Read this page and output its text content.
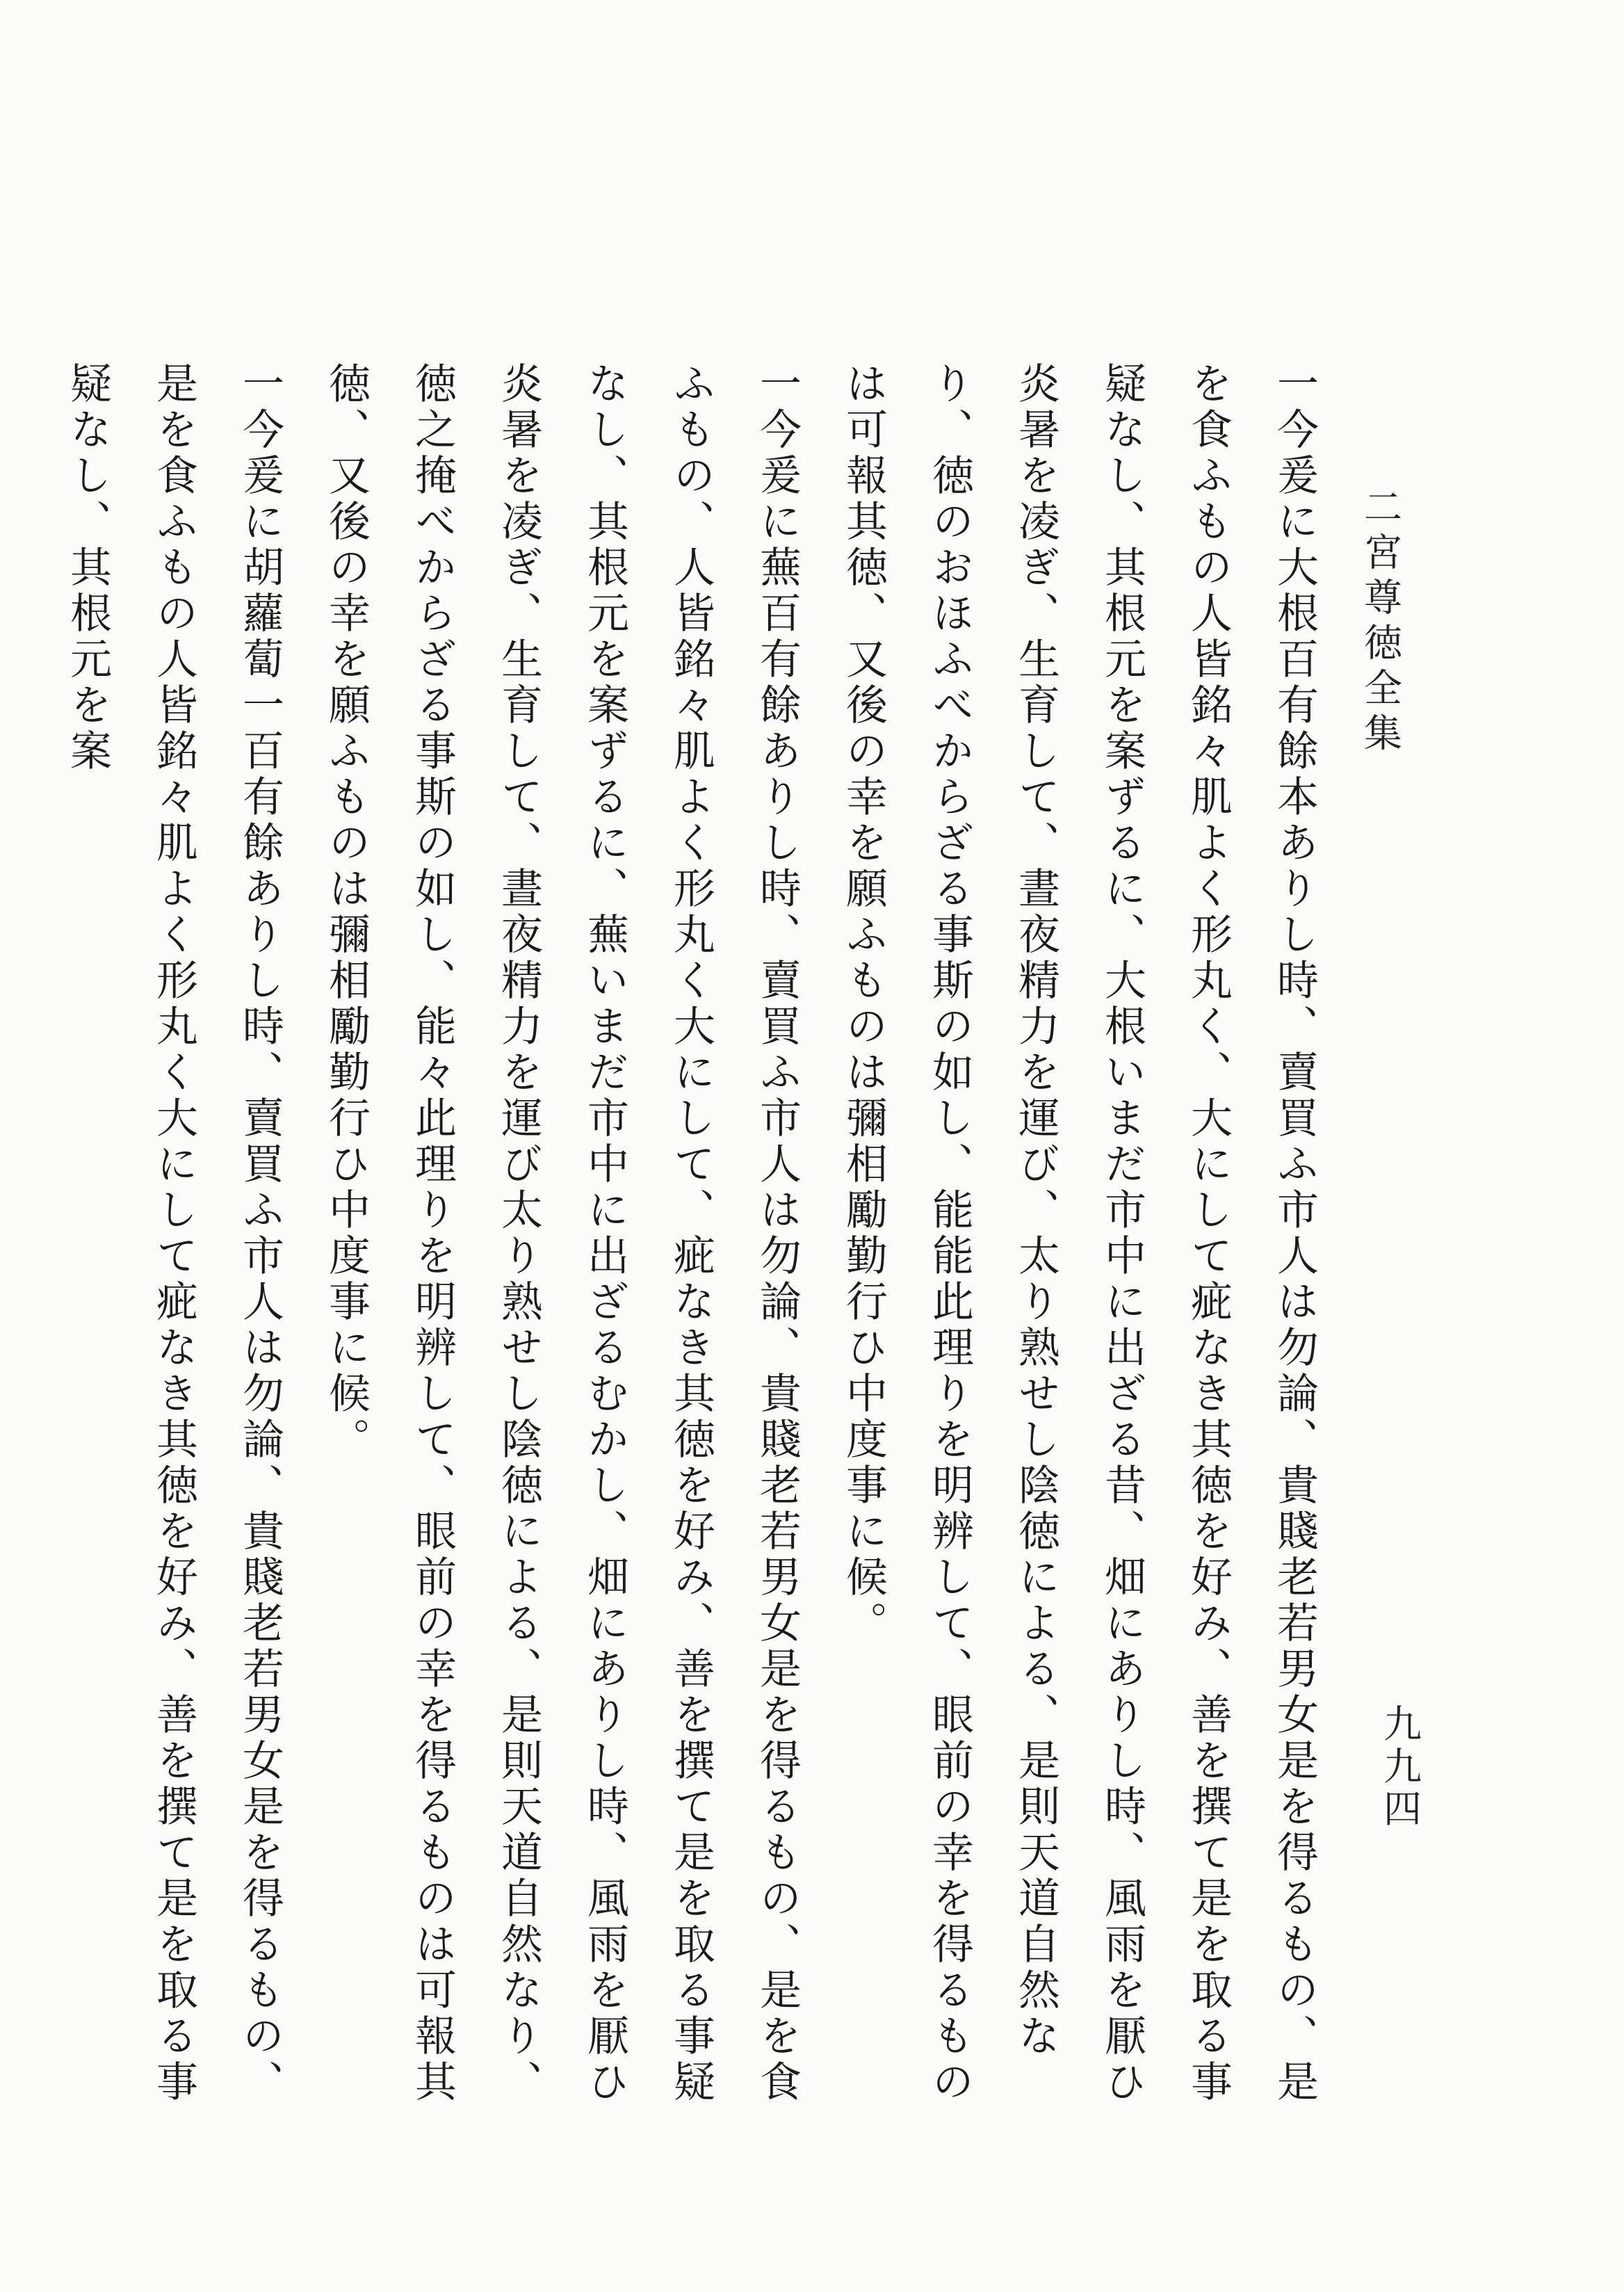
二宮尊徳全集
九九四

一今爰に大根百有餘本ありし時、賣買ふ市人は勿論、貴賤老若男女是を得るもの、是を食ふもの人皆銘々肌よく形丸く、大にして疵なき其徳を好み、善を撰て是を取る事疑なし、其根元を案ずるに、大根いまだ市中に出ざる昔、畑にありし時、風雨を厭ひ炎暑を凌ぎ、生育して、晝夜精力を運び、太り熟せし陰徳による、是則天道自然なり、徳のおほふべからざる事斯の如し、能能此理りを明辨して、眼前の幸を得るものは可報其徳、又後の幸を願ふものは彌相勵勤行ひ中度事に候。

一今爰に蕪百有餘ありし時、賣買ふ市人は勿論、貴賤老若男女是を得るもの、是を食ふもの、人皆銘々肌よく形丸く大にして、疵なき其徳を好み、善を撰て是を取る事疑なし、其根元を案ずるに、蕪いまだ市中に出ざるむかし、畑にありし時、風雨を厭ひ炎暑を凌ぎ、生育して、晝夜精力を運び太り熟せし陰徳による、是則天道自然なり、徳之掩べからざる事斯の如し、能々此理りを明辨して、眼前の幸を得るものは可報其徳、又後の幸を願ふものは彌相勵勤行ひ中度事に候。

一今爰に胡蘿蔔一百有餘ありし時、賣買ふ市人は勿論、貴賤老若男女是を得るもの、是を食ふもの人皆銘々肌よく形丸く大にして疵なき其徳を好み、善を撰て是を取る事疑なし、其根元を案
